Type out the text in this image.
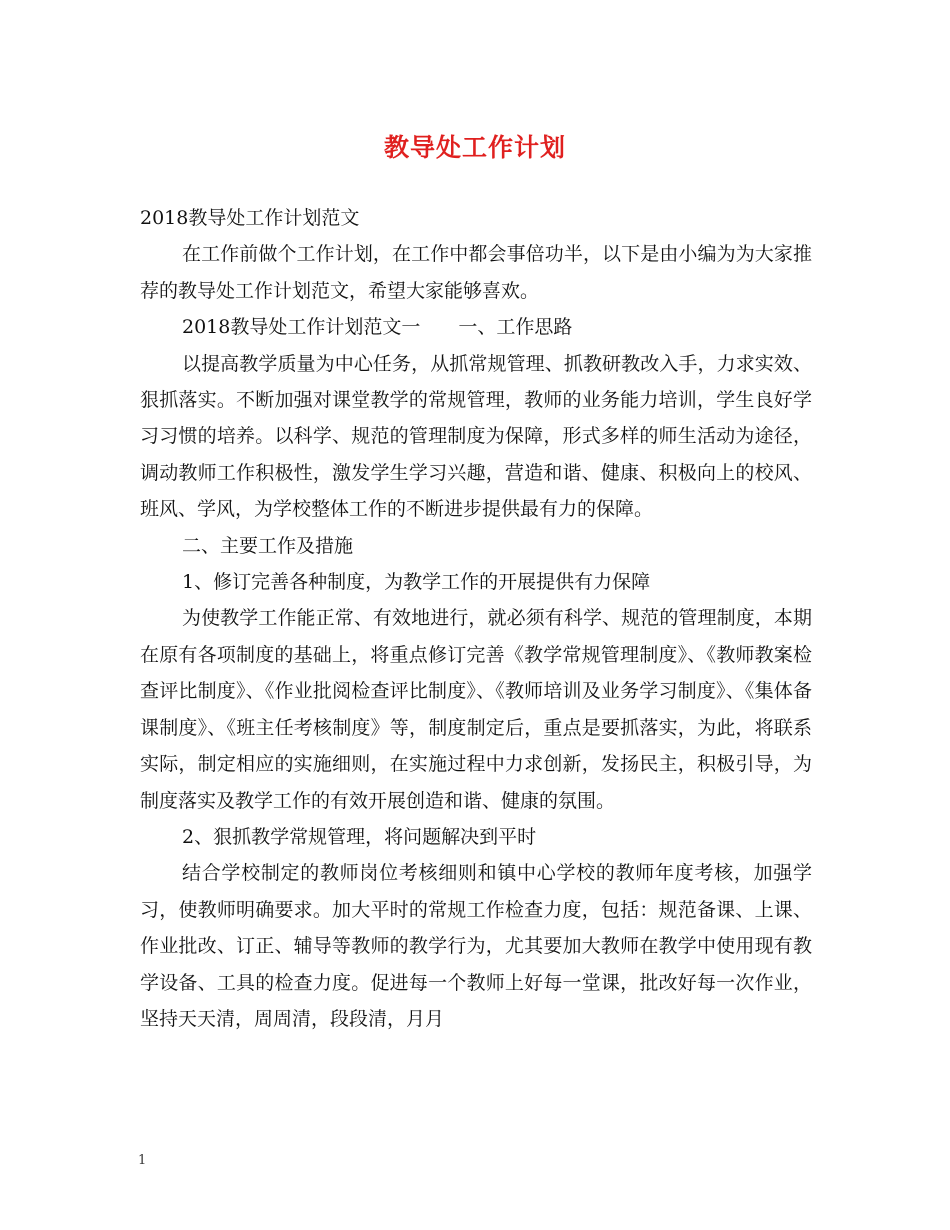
教导处工作计划

2018教导处工作计划范文

在工作前做个工作计划，在工作中都会事倍功半，以下是由小编为为大家推荐的教导处工作计划范文，希望大家能够喜欢。

2018教导处工作计划范文一　　一、工作思路

以提高教学质量为中心任务，从抓常规管理、抓教研教改入手，力求实效、狠抓落实。不断加强对课堂教学的常规管理，教师的业务能力培训，学生良好学习习惯的培养。以科学、规范的管理制度为保障，形式多样的师生活动为途径，调动教师工作积极性，激发学生学习兴趣，营造和谐、健康、积极向上的校风、班风、学风，为学校整体工作的不断进步提供最有力的保障。

二、主要工作及措施

1、修订完善各种制度，为教学工作的开展提供有力保障

为使教学工作能正常、有效地进行，就必须有科学、规范的管理制度，本期在原有各项制度的基础上，将重点修订完善《教学常规管理制度》、《教师教案检查评比制度》、《作业批阅检查评比制度》、《教师培训及业务学习制度》、《集体备课制度》、《班主任考核制度》等，制度制定后，重点是要抓落实，为此，将联系实际，制定相应的实施细则，在实施过程中力求创新，发扬民主，积极引导，为制度落实及教学工作的有效开展创造和谐、健康的氛围。

2、狠抓教学常规管理，将问题解决到平时

结合学校制定的教师岗位考核细则和镇中心学校的教师年度考核，加强学习，使教师明确要求。加大平时的常规工作检查力度，包括：规范备课、上课、作业批改、订正、辅导等教师的教学行为，尤其要加大教师在教学中使用现有教学设备、工具的检查力度。促进每一个教师上好每一堂课，批改好每一次作业，坚持天天清，周周清，段段清，月月

1
